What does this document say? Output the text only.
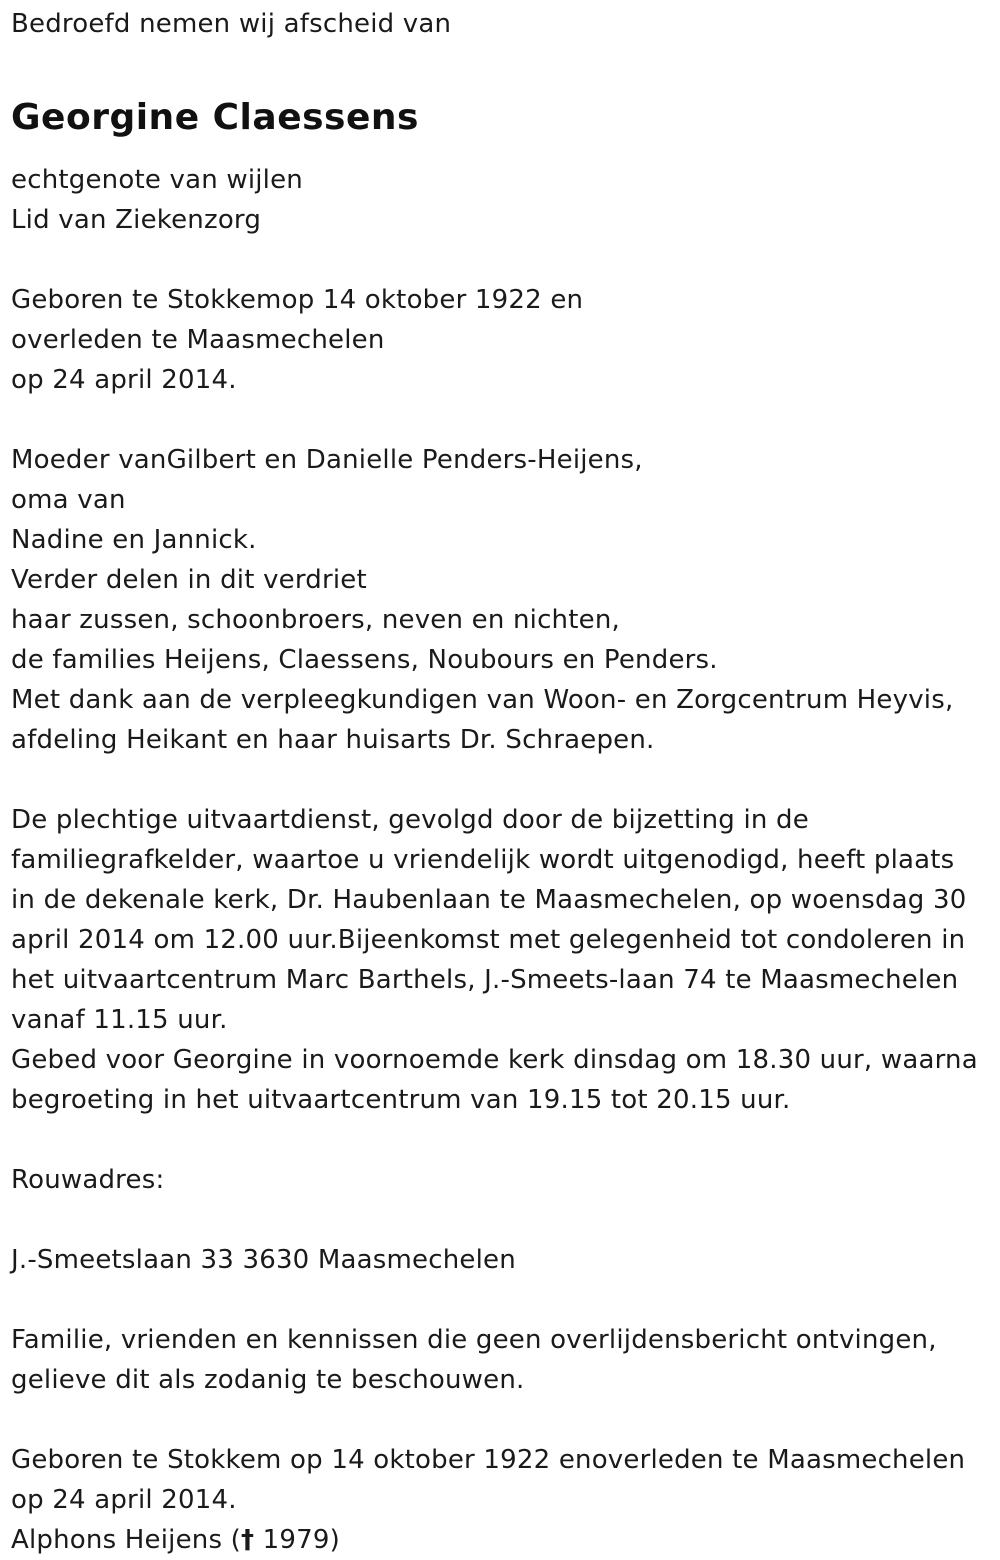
Bedroefd nemen wij afscheid van
Georgine Claessens
echtgenote van wijlen
Lid van Ziekenzorg
Geboren te Stokkemop 14 oktober 1922 en
overleden te Maasmechelen
op 24 april 2014.
Moeder vanGilbert en Danielle Penders-Heijens,
oma van
Nadine en Jannick.
Verder delen in dit verdriet
haar zussen, schoonbroers, neven en nichten,
de families Heijens, Claessens, Noubours en Penders.
Met dank aan de verpleegkundigen van Woon- en Zorgcentrum Heyvis,
afdeling Heikant en haar huisarts Dr. Schraepen.
De plechtige uitvaartdienst, gevolgd door de bijzetting in de
familiegrafkelder, waartoe u vriendelijk wordt uitgenodigd, heeft plaats
in de dekenale kerk, Dr. Haubenlaan te Maasmechelen, op woensdag 30
april 2014 om 12.00 uur.Bijeenkomst met gelegenheid tot condoleren in
het uitvaartcentrum Marc Barthels, J.-Smeets-laan 74 te Maasmechelen
vanaf 11.15 uur.
Gebed voor Georgine in voornoemde kerk dinsdag om 18.30 uur, waarna
begroeting in het uitvaartcentrum van 19.15 tot 20.15 uur.
Rouwadres:
J.-Smeetslaan 33 3630 Maasmechelen
Familie, vrienden en kennissen die geen overlijdensbericht ontvingen,
gelieve dit als zodanig te beschouwen.
Geboren te Stokkem op 14 oktober 1922 enoverleden te Maasmechelen
op 24 april 2014.
Alphons Heijens († 1979)
